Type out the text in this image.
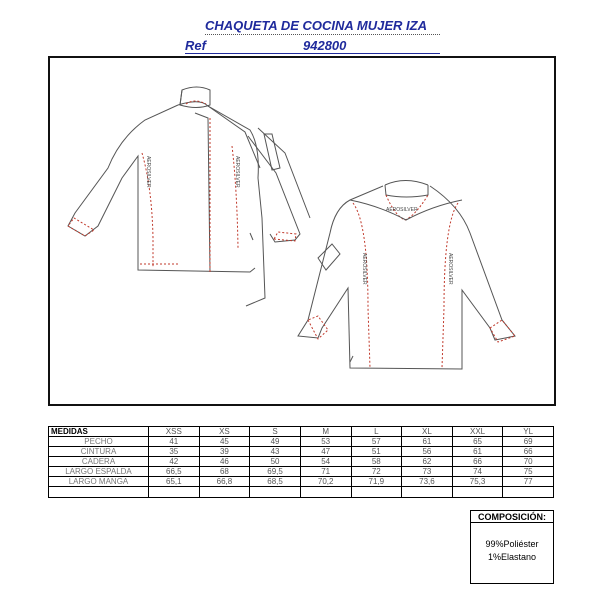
CHAQUETA DE COCINA MUJER IZA
Ref	942800
AEROSILVER	AEROSILVER
AEROSILVER
AEROSILVER	AEROSILVER
MEDIDAS	XSS	XS	S	M	L	XL	XXL	YL
PECHO	41	45	49	53	57	61	65	69
CINTURA	35	39	43	47	51	56	61	66
CADERA	42	46	50	54	58	62	66	70
LARGO ESPALDA	66,5	68	69,5	71	72	73	74	75
LARGO MANGA	65,1	66,8	68,5	70,2	71,9	73,6	75,3	77

COMPOSICIÓN:
99%Poliéster
1%Elastano
